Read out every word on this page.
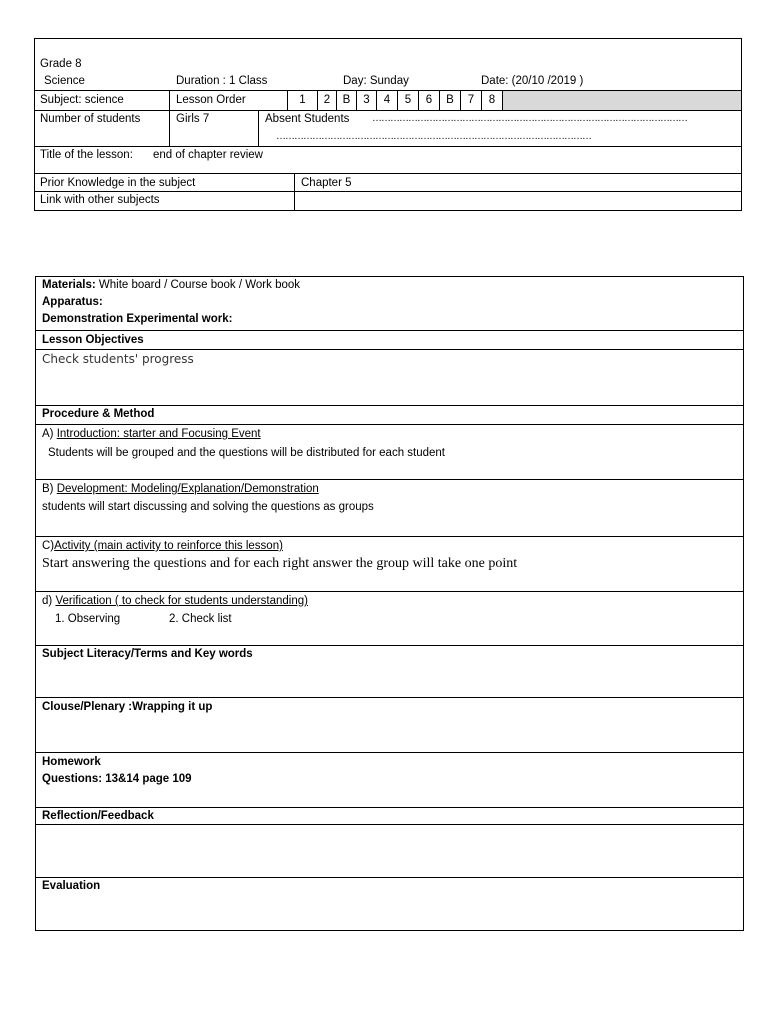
Grade 8
Science	Duration : 1 Class	Day: Sunday	Date: (20/10 /2019 )
Subject: science	Lesson Order	1	2	B	3	4	5	6	B	7	8
Number of students	Girls 7	Absent Students ……………………………………………………………………………………………
……………………………………………………………………………………………
Title of the lesson: end of chapter review
Prior Knowledge in the subject	Chapter 5
Link with other subjects
Materials: White board / Course book / Work book
Apparatus:
Demonstration Experimental work:
Lesson Objectives
Check students' progress
Procedure & Method
A) Introduction: starter and Focusing Event
Students will be grouped and the questions will be distributed for each student
B) Development: Modeling/Explanation/Demonstration
students will start discussing and solving the questions as groups
C)Activity (main activity to reinforce this lesson)
Start answering the questions and for each right answer the group will take one point
d) Verification ( to check for students understanding)
1. Observing	2. Check list
Subject Literacy/Terms and Key words
Clouse/Plenary :Wrapping it up
Homework
Questions: 13&14 page 109
Reflection/Feedback
Evaluation
